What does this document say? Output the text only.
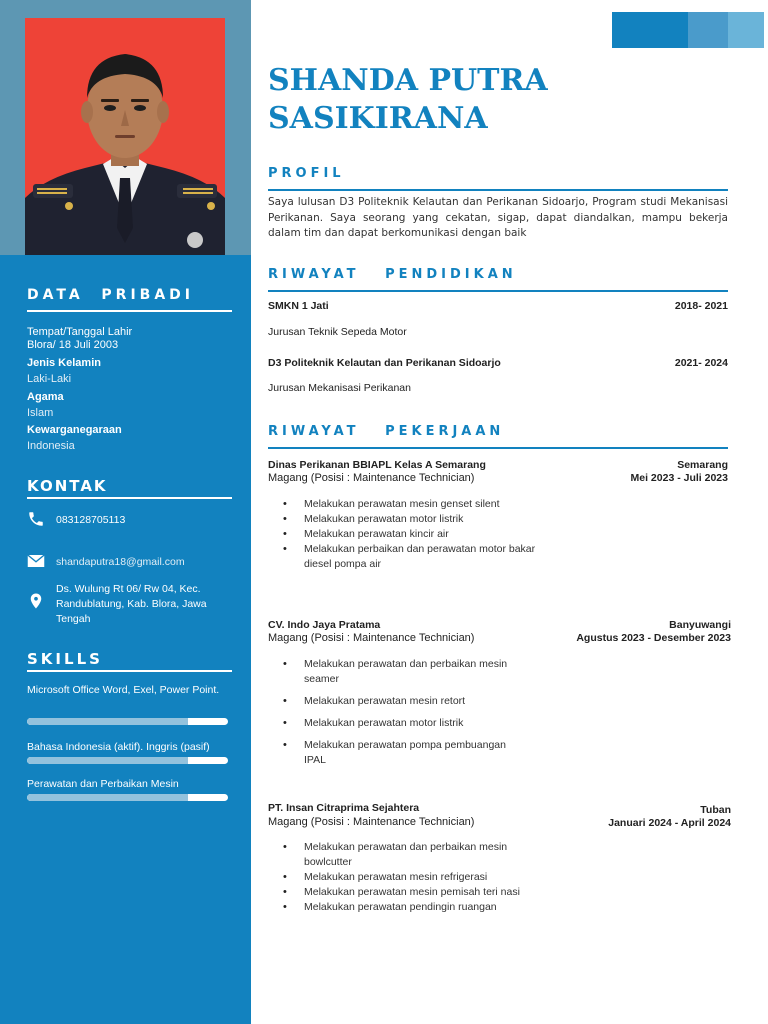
DATA  PRIBADI
Tempat/Tanggal Lahir
Blora/ 18 Juli 2003
Jenis Kelamin
Laki-Laki
Agama
Islam
Kewarganegaraan
Indonesia
KONTAK
083128705113
shandaputra18@gmail.com
Ds. Wulung Rt 06/ Rw 04, Kec. Randublatung, Kab. Blora, Jawa Tengah
SKILLS
Microsoft Office Word, Exel, Power Point.
Bahasa Indonesia (aktif). Inggris (pasif)
Perawatan dan Perbaikan Mesin
SHANDA PUTRA SASIKIRANA
PROFIL
Saya lulusan D3 Politeknik Kelautan dan Perikanan Sidoarjo, Program studi Mekanisasi Perikanan. Saya seorang yang cekatan, sigap, dapat diandalkan, mampu bekerja dalam tim dan dapat berkomunikasi dengan baik
RIWAYAT   PENDIDIKAN
SMKN 1 Jati	2018- 2021
Jurusan Teknik Sepeda Motor
D3 Politeknik Kelautan dan Perikanan Sidoarjo	2021- 2024
Jurusan Mekanisasi Perikanan
RIWAYAT   PEKERJAAN
Dinas Perikanan BBIAPL Kelas A Semarang
Magang (Posisi : Maintenance Technician)
Semarang
Mei 2023 - Juli 2023
• Melakukan perawatan mesin genset silent
• Melakukan perawatan motor listrik
• Melakukan perawatan kincir air
• Melakukan perbaikan dan perawatan motor bakar diesel pompa air
CV. Indo Jaya Pratama
Magang (Posisi : Maintenance Technician)
Banyuwangi
Agustus 2023 - Desember 2023
• Melakukan perawatan dan perbaikan mesin seamer
• Melakukan perawatan mesin retort
• Melakukan perawatan motor listrik
• Melakukan perawatan pompa pembuangan IPAL
PT. Insan Citraprima Sejahtera
Magang (Posisi : Maintenance Technician)
Tuban
Januari 2024 - April 2024
• Melakukan perawatan dan perbaikan mesin bowlcutter
• Melakukan perawatan mesin refrigerasi
• Melakukan perawatan mesin pemisah teri nasi
• Melakukan perawatan pendingin ruangan
